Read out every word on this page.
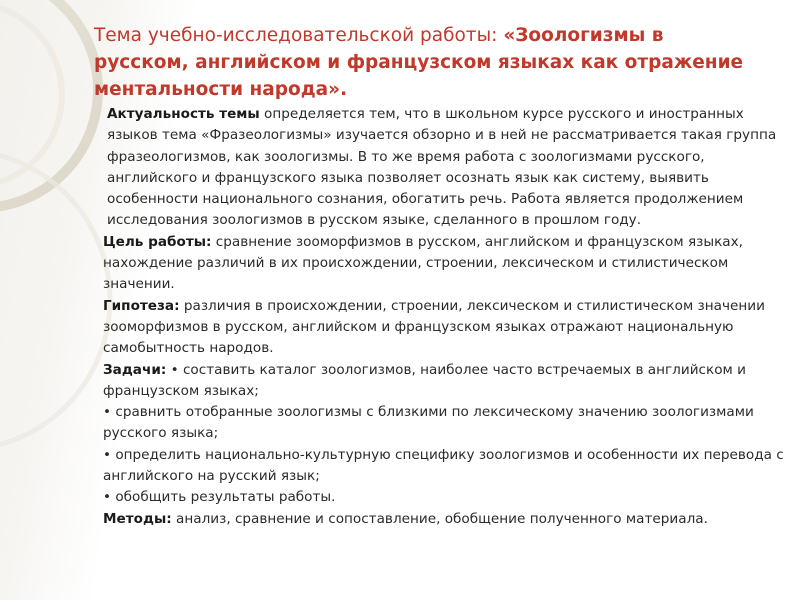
Тема учебно-исследовательской работы: «Зоологизмы в русском, английском и французском языках как отражение ментальности народа».

Актуальность темы определяется тем, что в школьном курсе русского и иностранных языков тема «Фразеологизмы» изучается обзорно и в ней не рассматривается такая группа фразеологизмов, как зоологизмы. В то же время работа с зоологизмами русского, английского и французского языка позволяет осознать язык как систему, выявить особенности национального сознания, обогатить речь. Работа является продолжением исследования зоологизмов в русском языке, сделанного в прошлом году.

Цель работы: сравнение зооморфизмов в русском, английском и французском языках, нахождение различий в их происхождении, строении, лексическом и стилистическом значении.

Гипотеза: различия в происхождении, строении, лексическом и стилистическом значении зооморфизмов в русском, английском и французском языках отражают национальную самобытность народов.

Задачи: • составить каталог зоологизмов, наиболее часто встречаемых в английском и французском языках;

• сравнить отобранные зоологизмы с близкими по лексическому значению зоологизмами русского языка;

• определить национально-культурную специфику зоологизмов и особенности их перевода с английского на русский язык;

• обобщить результаты работы.

Методы: анализ, сравнение и сопоставление, обобщение полученного материала.
